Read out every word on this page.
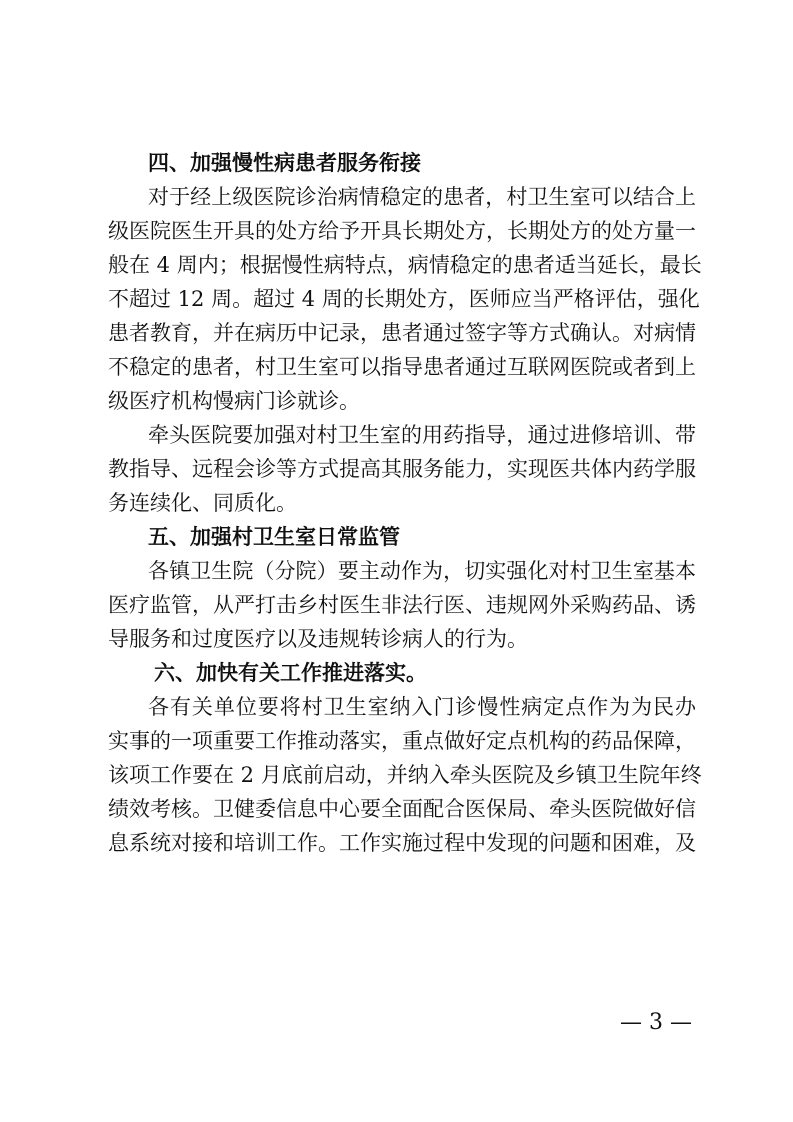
四、加强慢性病患者服务衔接
对于经上级医院诊治病情稳定的患者，村卫生室可以结合上
级医院医生开具的处方给予开具长期处方，长期处方的处方量一
般在 4 周内；根据慢性病特点，病情稳定的患者适当延长，最长
不超过 12 周。超过 4 周的长期处方，医师应当严格评估，强化
患者教育，并在病历中记录，患者通过签字等方式确认。对病情
不稳定的患者，村卫生室可以指导患者通过互联网医院或者到上
级医疗机构慢病门诊就诊。
牵头医院要加强对村卫生室的用药指导，通过进修培训、带
教指导、远程会诊等方式提高其服务能力，实现医共体内药学服
务连续化、同质化。
五、加强村卫生室日常监管
各镇卫生院（分院）要主动作为，切实强化对村卫生室基本
医疗监管，从严打击乡村医生非法行医、违规网外采购药品、诱
导服务和过度医疗以及违规转诊病人的行为。
六、加快有关工作推进落实。
各有关单位要将村卫生室纳入门诊慢性病定点作为为民办
实事的一项重要工作推动落实，重点做好定点机构的药品保障，
该项工作要在 2 月底前启动，并纳入牵头医院及乡镇卫生院年终
绩效考核。卫健委信息中心要全面配合医保局、牵头医院做好信
息系统对接和培训工作。工作实施过程中发现的问题和困难，及
— 3 —
